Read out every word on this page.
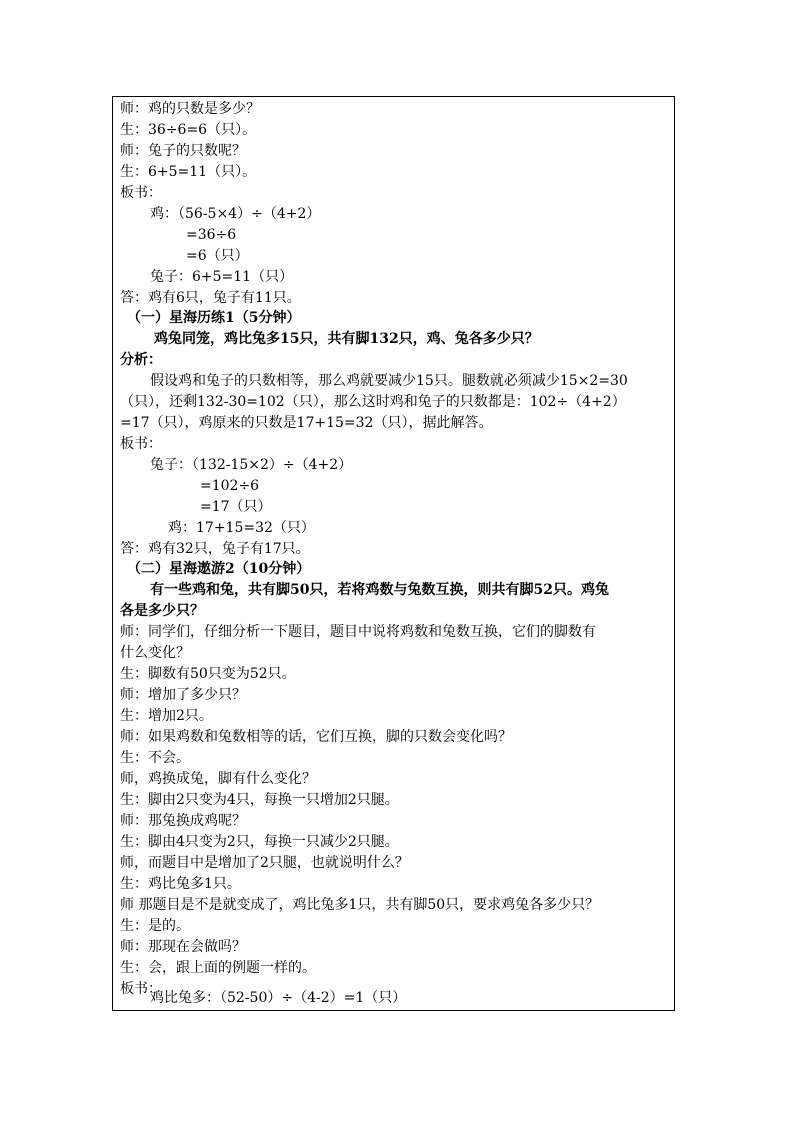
师：鸡的只数是多少？
生：36÷6=6（只）。
师：兔子的只数呢？
生：6+5=11（只）。
板书：
鸡：（56-5×4）÷（4+2）
=36÷6
=6（只）
兔子：6+5=11（只）
答：鸡有6只，兔子有11只。
（一）星海历练1（5分钟）
鸡兔同笼，鸡比兔多15只，共有脚132只，鸡、兔各多少只？
分析：
假设鸡和兔子的只数相等，那么鸡就要减少15只。腿数就必须减少15×2=30
（只），还剩132-30=102（只），那么这时鸡和兔子的只数都是：102÷（4+2）
=17（只），鸡原来的只数是17+15=32（只），据此解答。
板书：
兔子：（132-15×2）÷（4+2）
=102÷6
=17（只）
鸡：17+15=32（只）
答：鸡有32只，兔子有17只。
（二）星海遨游2（10分钟）
有一些鸡和兔，共有脚50只，若将鸡数与兔数互换，则共有脚52只。鸡兔
各是多少只？
师：同学们，仔细分析一下题目，题目中说将鸡数和兔数互换，它们的脚数有
什么变化？
生：脚数有50只变为52只。
师：增加了多少只？
生：增加2只。
师：如果鸡数和兔数相等的话，它们互换，脚的只数会变化吗？
生：不会。
师，鸡换成兔，脚有什么变化？
生：脚由2只变为4只，每换一只增加2只腿。
师：那兔换成鸡呢？
生：脚由4只变为2只，每换一只减少2只腿。
师，而题目中是增加了2只腿，也就说明什么？
生：鸡比兔多1只。
师 那题目是不是就变成了，鸡比兔多1只，共有脚50只，要求鸡兔各多少只？
生：是的。
师：那现在会做吗？
生：会，跟上面的例题一样的。
板书：
鸡比兔多：（52-50）÷（4-2）=1（只）
